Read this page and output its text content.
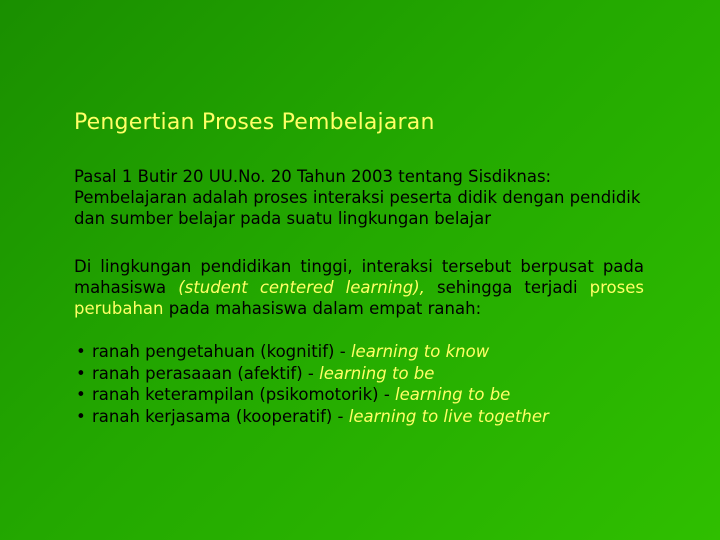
Pengertian Proses Pembelajaran
Pasal 1 Butir 20 UU.No. 20 Tahun 2003 tentang Sisdiknas:
Pembelajaran adalah proses interaksi peserta didik dengan pendidik
dan sumber belajar pada suatu lingkungan belajar
Di lingkungan pendidikan tinggi, interaksi tersebut berpusat pada mahasiswa (student centered learning), sehingga terjadi proses perubahan pada mahasiswa dalam empat ranah:
• ranah pengetahuan (kognitif) - learning to know
• ranah perasaaan (afektif) - learning to be
• ranah keterampilan (psikomotorik) - learning to be
• ranah kerjasama (kooperatif) - learning to live together
